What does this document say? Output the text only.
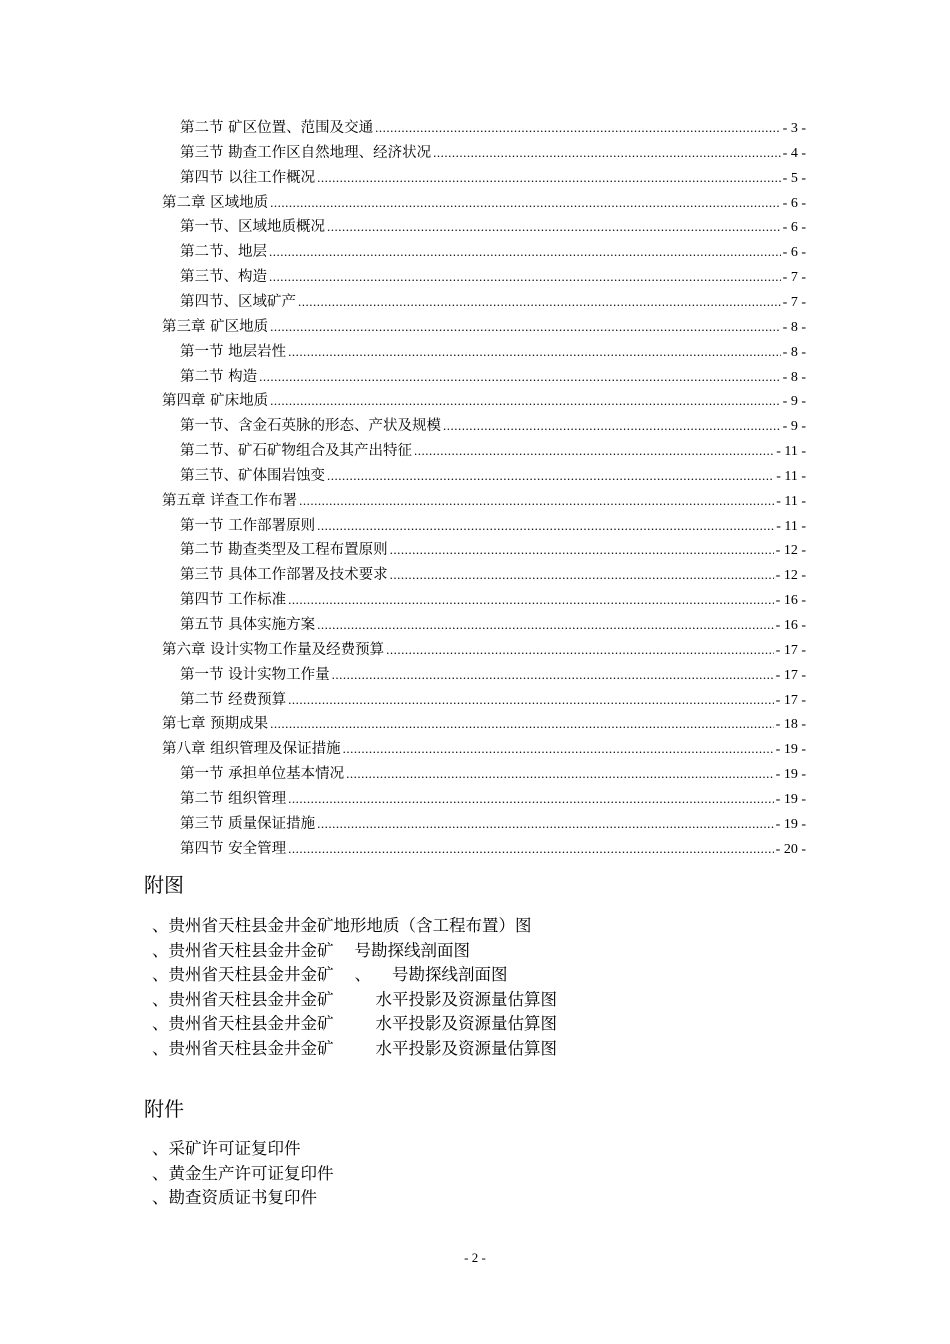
第二节 矿区位置、范围及交通 .....	- 3 -
第三节 勘查工作区自然地理、经济状况 .....	- 4 -
第四节 以往工作概况 .....	- 5 -
第二章 区域地质 .....	- 6 -
第一节、区域地质概况 .....	- 6 -
第二节、地层 .....	- 6 -
第三节、构造 .....	- 7 -
第四节、区域矿产 .....	- 7 -
第三章 矿区地质 .....	- 8 -
第一节 地层岩性 .....	- 8 -
第二节 构造 .....	- 8 -
第四章 矿床地质 .....	- 9 -
第一节、含金石英脉的形态、产状及规模 .....	- 9 -
第二节、矿石矿物组合及其产出特征 .....	- 11 -
第三节、矿体围岩蚀变 .....	- 11 -
第五章 详查工作布署 .....	- 11 -
第一节 工作部署原则 .....	- 11 -
第二节 勘查类型及工程布置原则 .....	- 12 -
第三节 具体工作部署及技术要求 .....	- 12 -
第四节 工作标准 .....	- 16 -
第五节 具体实施方案 .....	- 16 -
第六章 设计实物工作量及经费预算 .....	- 17 -
第一节 设计实物工作量 .....	- 17 -
第二节 经费预算 .....	- 17 -
第七章 预期成果 .....	- 18 -
第八章 组织管理及保证措施 .....	- 19 -
第一节 承担单位基本情况 .....	- 19 -
第二节 组织管理 .....	- 19 -
第三节 质量保证措施 .....	- 19 -
第四节 安全管理 .....	- 20 -
附图
、贵州省天柱县金井金矿地形地质（含工程布置）图
、贵州省天柱县金井金矿    号勘探线剖面图
、贵州省天柱县金井金矿    、    号勘探线剖面图
、贵州省天柱县金井金矿        水平投影及资源量估算图
、贵州省天柱县金井金矿        水平投影及资源量估算图
、贵州省天柱县金井金矿        水平投影及资源量估算图
附件
、采矿许可证复印件
、黄金生产许可证复印件
、勘查资质证书复印件
- 2 -
